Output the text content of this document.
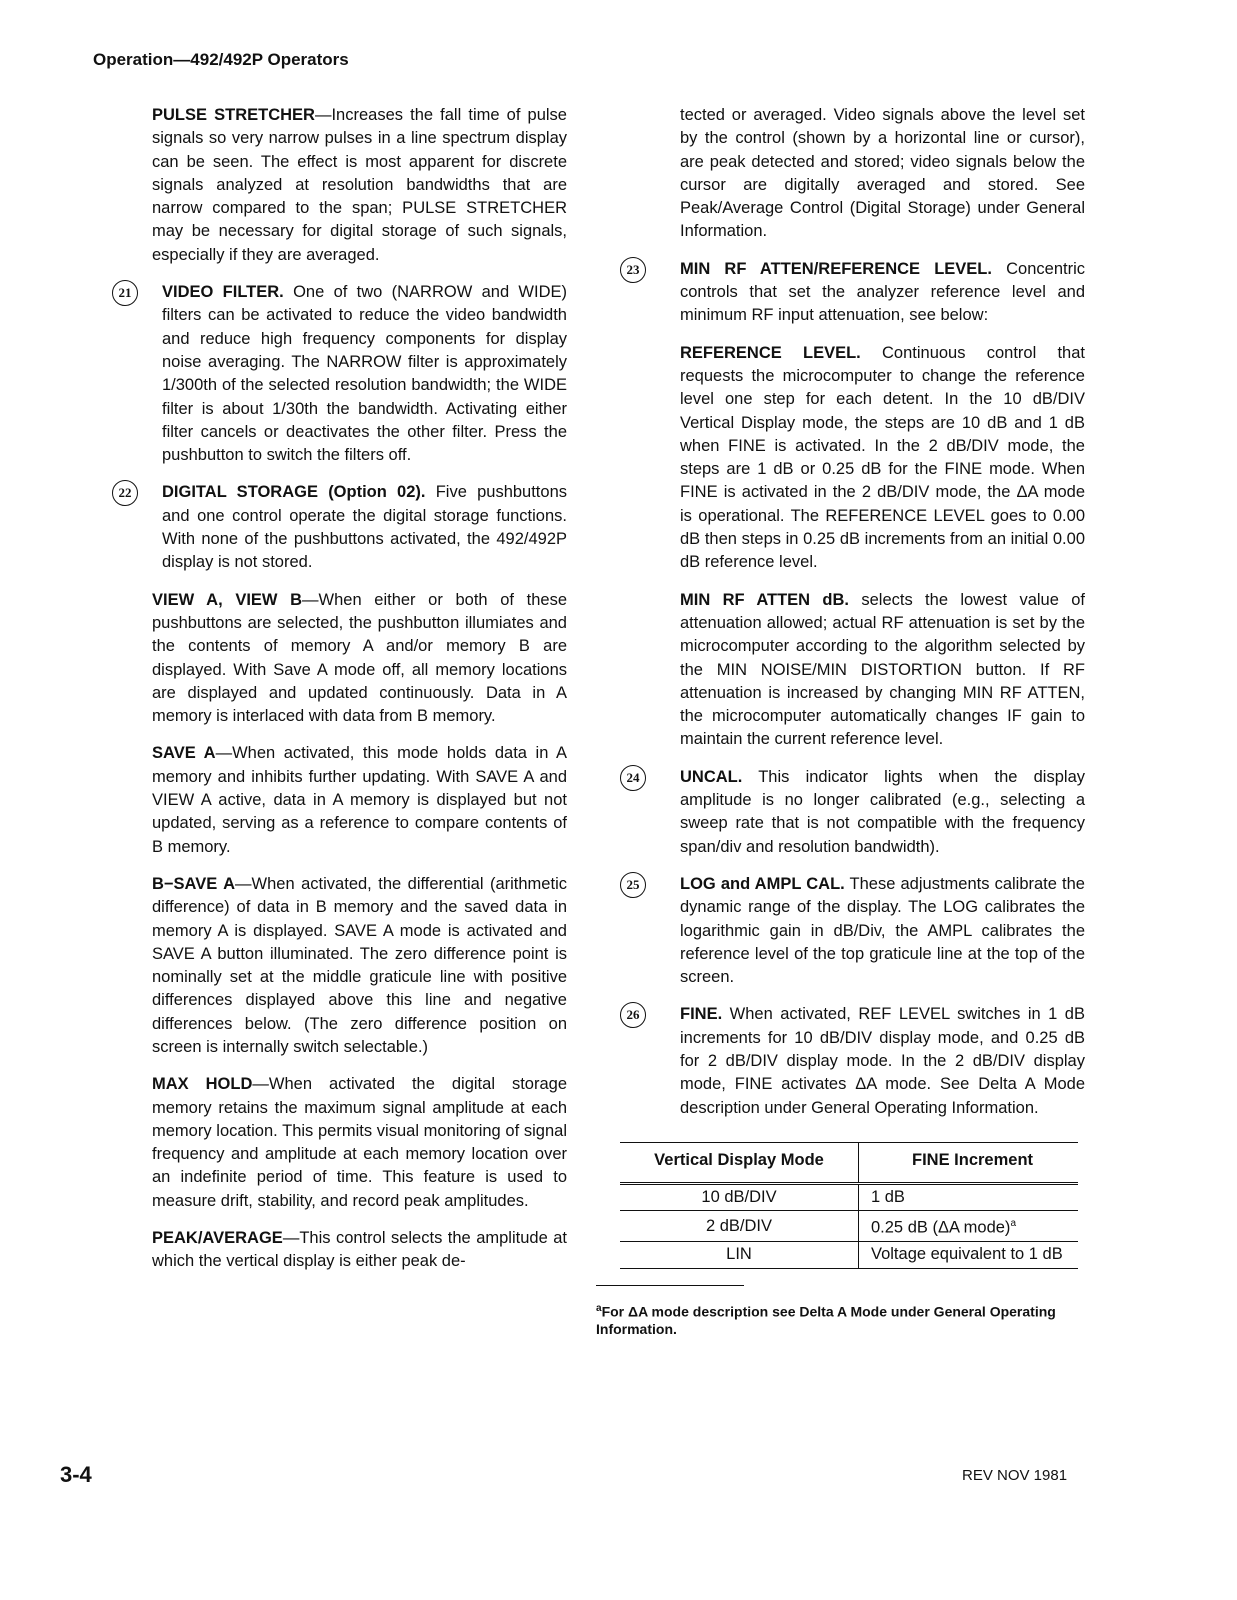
Operation—492/492P Operators

PULSE STRETCHER—Increases the fall time of pulse signals so very narrow pulses in a line spectrum display can be seen. The effect is most apparent for discrete signals analyzed at resolution bandwidths that are narrow compared to the span; PULSE STRETCHER may be necessary for digital storage of such signals, especially if they are averaged.

21	VIDEO FILTER. One of two (NARROW and WIDE) filters can be activated to reduce the video bandwidth and reduce high frequency components for display noise averaging. The NARROW filter is approximately 1/300th of the selected resolution bandwidth; the WIDE filter is about 1/30th the bandwidth. Activating either filter cancels or deactivates the other filter. Press the pushbutton to switch the filters off.

22	DIGITAL STORAGE (Option 02). Five pushbuttons and one control operate the digital storage functions. With none of the pushbuttons activated, the 492/492P display is not stored.

VIEW A, VIEW B—When either or both of these pushbuttons are selected, the pushbutton illumiates and the contents of memory A and/or memory B are displayed. With Save A mode off, all memory locations are displayed and updated continuously. Data in A memory is interlaced with data from B memory.

SAVE A—When activated, this mode holds data in A memory and inhibits further updating. With SAVE A and VIEW A active, data in A memory is displayed but not updated, serving as a reference to compare contents of B memory.

B−SAVE A—When activated, the differential (arithmetic difference) of data in B memory and the saved data in memory A is displayed. SAVE A mode is activated and SAVE A button illuminated. The zero difference point is nominally set at the middle graticule line with positive differences displayed above this line and negative differences below. (The zero difference position on screen is internally switch selectable.)

MAX HOLD—When activated the digital storage memory retains the maximum signal amplitude at each memory location. This permits visual monitoring of signal frequency and amplitude at each memory location over an indefinite period of time. This feature is used to measure drift, stability, and record peak amplitudes.

PEAK/AVERAGE—This control selects the amplitude at which the vertical display is either peak de-

tected or averaged. Video signals above the level set by the control (shown by a horizontal line or cursor), are peak detected and stored; video signals below the cursor are digitally averaged and stored. See Peak/Average Control (Digital Storage) under General Information.

23	MIN RF ATTEN/REFERENCE LEVEL. Concentric controls that set the analyzer reference level and minimum RF input attenuation, see below:

REFERENCE LEVEL. Continuous control that requests the microcomputer to change the reference level one step for each detent. In the 10 dB/DIV Vertical Display mode, the steps are 10 dB and 1 dB when FINE is activated. In the 2 dB/DIV mode, the steps are 1 dB or 0.25 dB for the FINE mode. When FINE is activated in the 2 dB/DIV mode, the ΔA mode is operational. The REFERENCE LEVEL goes to 0.00 dB then steps in 0.25 dB increments from an initial 0.00 dB reference level.

MIN RF ATTEN dB. selects the lowest value of attenuation allowed; actual RF attenuation is set by the microcomputer according to the algorithm selected by the MIN NOISE/MIN DISTORTION button. If RF attenuation is increased by changing MIN RF ATTEN, the microcomputer automatically changes IF gain to maintain the current reference level.

24	UNCAL. This indicator lights when the display amplitude is no longer calibrated (e.g., selecting a sweep rate that is not compatible with the frequency span/div and resolution bandwidth).

25	LOG and AMPL CAL. These adjustments calibrate the dynamic range of the display. The LOG calibrates the logarithmic gain in dB/Div, the AMPL calibrates the reference level of the top graticule line at the top of the screen.

26	FINE. When activated, REF LEVEL switches in 1 dB increments for 10 dB/DIV display mode, and 0.25 dB for 2 dB/DIV display mode. In the 2 dB/DIV display mode, FINE activates ΔA mode. See Delta A Mode description under General Operating Information.

Vertical Display Mode	FINE Increment
10 dB/DIV	1 dB
2 dB/DIV	0.25 dB (ΔA mode)$^a$
LIN	Voltage equivalent to 1 dB
$^a$For ΔA mode description see Delta A Mode under General Operating Information.
3-4	REV NOV 1981
